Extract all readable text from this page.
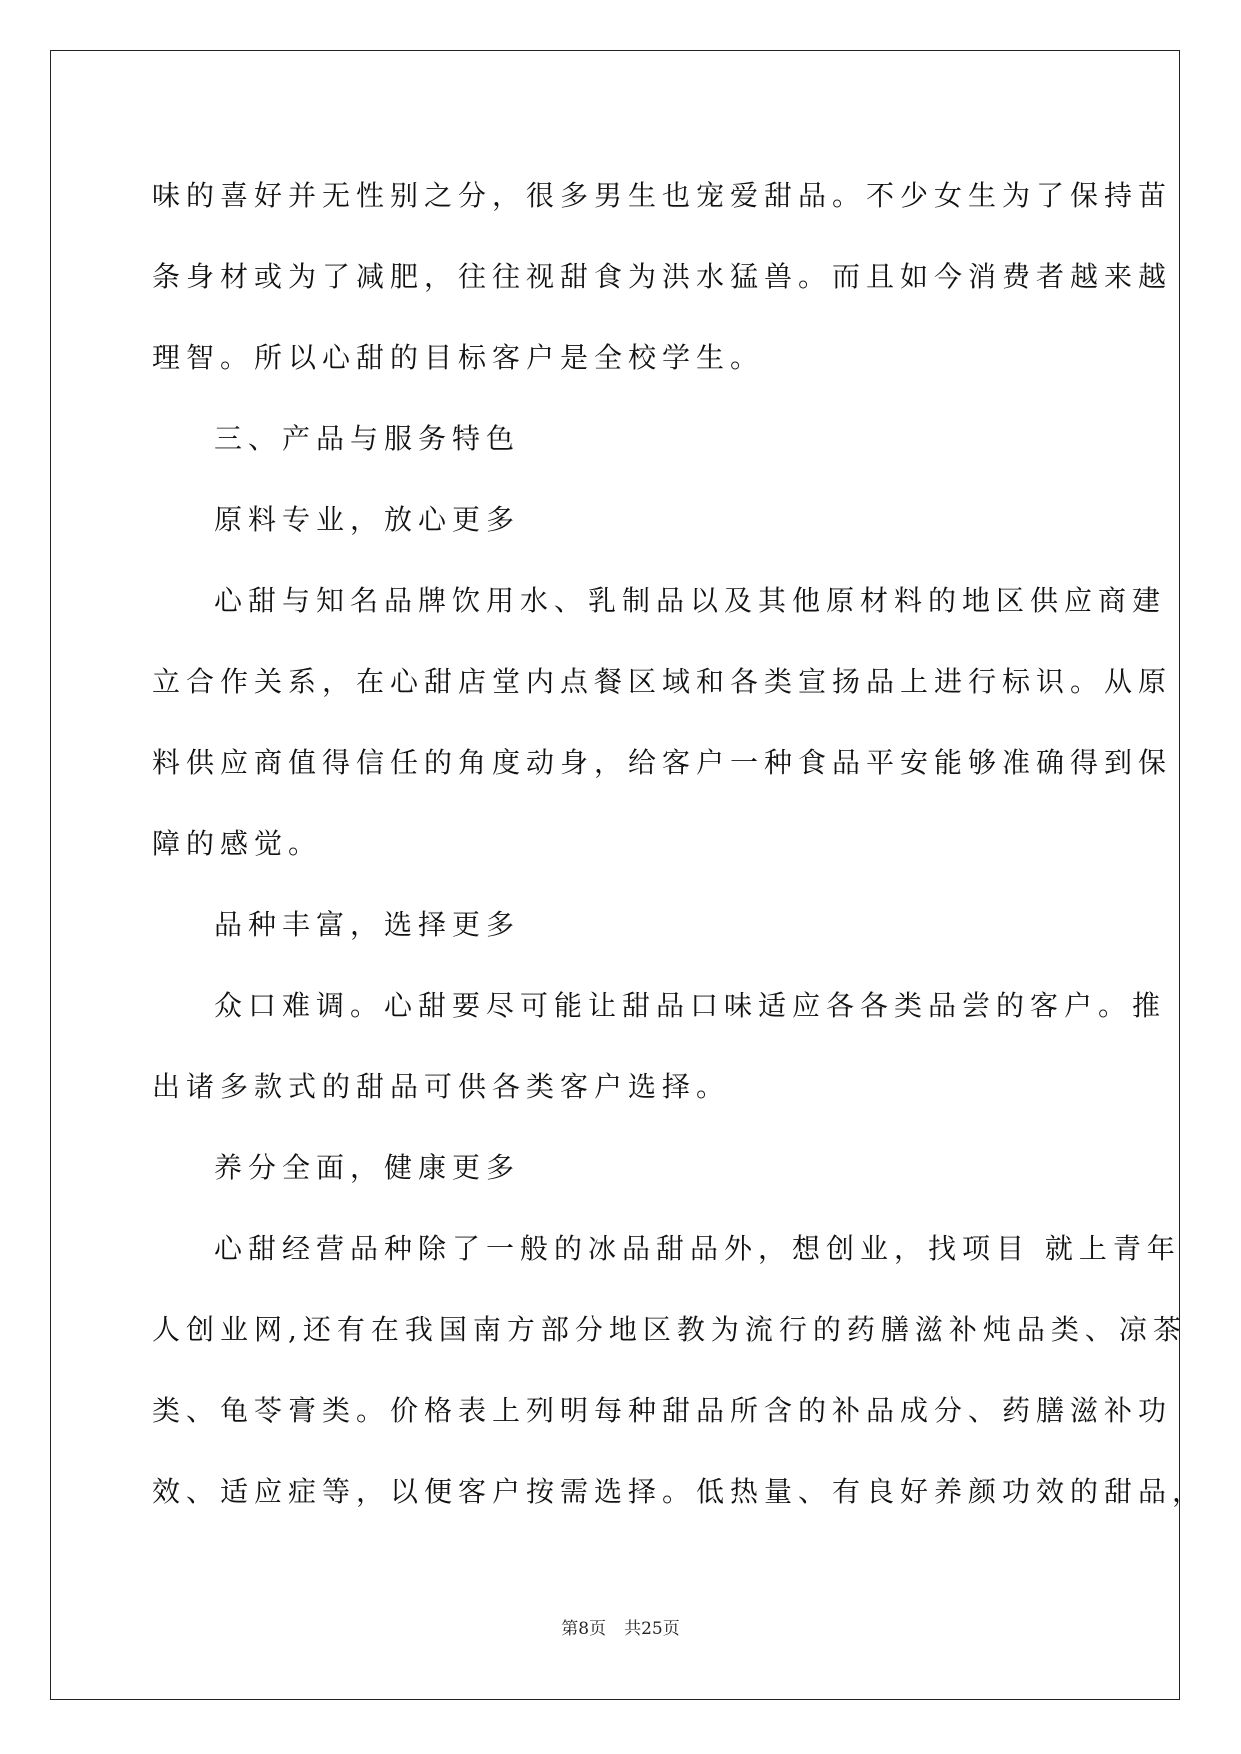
味的喜好并无性别之分，很多男生也宠爱甜品。不少女生为了保持苗
条身材或为了减肥，往往视甜食为洪水猛兽。而且如今消费者越来越
理智。所以心甜的目标客户是全校学生。
三、产品与服务特色
原料专业，放心更多
心甜与知名品牌饮用水、乳制品以及其他原材料的地区供应商建
立合作关系，在心甜店堂内点餐区域和各类宣扬品上进行标识。从原
料供应商值得信任的角度动身，给客户一种食品平安能够准确得到保
障的感觉。
品种丰富，选择更多
众口难调。心甜要尽可能让甜品口味适应各各类品尝的客户。推
出诸多款式的甜品可供各类客户选择。
养分全面，健康更多
心甜经营品种除了一般的冰品甜品外，想创业，找项目 就上青年
人创业网,还有在我国南方部分地区教为流行的药膳滋补炖品类、凉茶
类、龟苓膏类。价格表上列明每种甜品所含的补品成分、药膳滋补功
效、适应症等，以便客户按需选择。低热量、有良好养颜功效的甜品，
第8页 共25页
